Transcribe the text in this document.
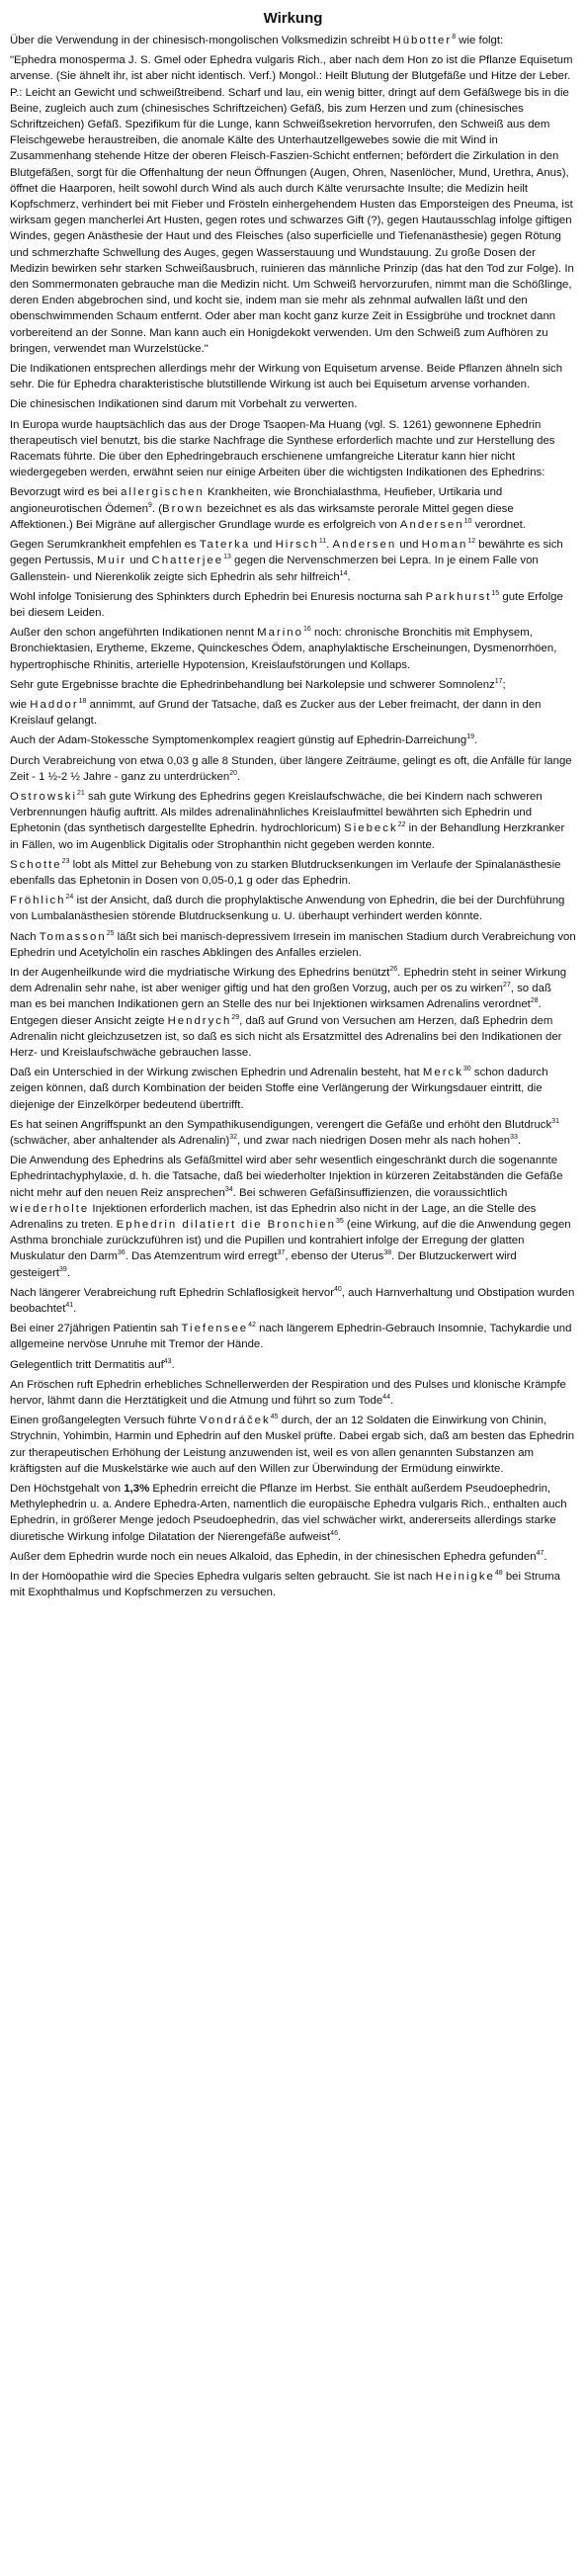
Wirkung

Über die Verwendung in der chinesisch-mongolischen Volksmedizin schreibt Hübotter$^8$ wie folgt:

"Ephedra monosperma J. S. Gmel oder Ephedra vulgaris Rich., aber nach dem Hon zo ist die Pflanze Equisetum arvense. (Sie ähnelt ihr, ist aber nicht identisch. Verf.) Mongol.: Heilt Blutung der Blutgefäße und Hitze der Leber. P.: Leicht an Gewicht und schweißtreibend. Scharf und lau, ein wenig bitter, dringt auf dem Gefäßwege bis in die Beine, zugleich auch zum (chinesisches Schriftzeichen) Gefäß, bis zum Herzen und zum (chinesisches Schriftzeichen) Gefäß. Spezifikum für die Lunge, kann Schweißsekretion hervorrufen, den Schweiß aus dem Fleischgewebe heraustreiben, die anomale Kälte des Unterhautzellgewebes sowie die mit Wind in Zusammenhang stehende Hitze der oberen Fleisch-Faszien-Schicht entfernen; befördert die Zirkulation in den Blutgefäßen, sorgt für die Offenhaltung der neun Öffnungen (Augen, Ohren, Nasenlöcher, Mund, Urethra, Anus), öffnet die Haarporen, heilt sowohl durch Wind als auch durch Kälte verursachte Insulte; die Medizin heilt Kopfschmerz, verhindert bei mit Fieber und Frösteln einhergehendem Husten das Emporsteigen des Pneuma, ist wirksam gegen mancherlei Art Husten, gegen rotes und schwarzes Gift (?), gegen Hautausschlag infolge giftigen Windes, gegen Anästhesie der Haut und des Fleisches (also superficielle und Tiefenanästhesie) gegen Rötung und schmerzhafte Schwellung des Auges, gegen Wasserstauung und Wundstauung. Zu große Dosen der Medizin bewirken sehr starken Schweißausbruch, ruinieren das männliche Prinzip (das hat den Tod zur Folge). In den Sommermonaten gebrauche man die Medizin nicht. Um Schweiß hervorzurufen, nimmt man die Schößlinge, deren Enden abgebrochen sind, und kocht sie, indem man sie mehr als zehnmal aufwallen läßt und den obenschwimmenden Schaum entfernt. Oder aber man kocht ganz kurze Zeit in Essigbrühe und trocknet dann vorbereitend an der Sonne. Man kann auch ein Honigdekokt verwenden. Um den Schweiß zum Aufhören zu bringen, verwendet man Wurzelstücke."

Die Indikationen entsprechen allerdings mehr der Wirkung von Equisetum arvense. Beide Pflanzen ähneln sich sehr. Die für Ephedra charakteristische blutstillende Wirkung ist auch bei Equisetum arvense vorhanden.

Die chinesischen Indikationen sind darum mit Vorbehalt zu verwerten.

In Europa wurde hauptsächlich das aus der Droge Tsaopen-Ma Huang (vgl. S. 1261) gewonnene Ephedrin therapeutisch viel benutzt, bis die starke Nachfrage die Synthese erforderlich machte und zur Herstellung des Racemats führte. Die über den Ephedringebrauch erschienene umfangreiche Literatur kann hier nicht wiedergegeben werden, erwähnt seien nur einige Arbeiten über die wichtigsten Indikationen des Ephedrins:

Bevorzugt wird es bei allergischen Krankheiten, wie Bronchialasthma, Heufieber, Urtikaria und angioneurotischen Ödemen$^9$. (Brown bezeichnet es als das wirksamste perorale Mittel gegen diese Affektionen.) Bei Migräne auf allergischer Grundlage wurde es erfolgreich von Andersen$^{10}$ verordnet.

Gegen Serumkrankheit empfehlen es Taterka und Hirsch$^{11}$. Andersen und Homan$^{12}$ bewährte es sich gegen Pertussis, Muir und Chatterjee$^{13}$ gegen die Nervenschmerzen bei Lepra. In je einem Falle von Gallenstein- und Nierenkolik zeigte sich Ephedrin als sehr hilfreich$^{14}$.

Wohl infolge Tonisierung des Sphinkters durch Ephedrin bei Enuresis nocturna sah Parkhurst$^{15}$ gute Erfolge bei diesem Leiden.

Außer den schon angeführten Indikationen nennt Marino$^{16}$ noch: chronische Bronchitis mit Emphysem, Bronchiektasien, Erytheme, Ekzeme, Quinckesches Ödem, anaphylaktische Erscheinungen, Dysmenorrhöen, hypertrophische Rhinitis, arterielle Hypotension, Kreislaufstörungen und Kollaps.

Sehr gute Ergebnisse brachte die Ephedrinbehandlung bei Narkolepsie und schwerer Somnolenz$^{17}$;

wie Haddor$^{18}$ annimmt, auf Grund der Tatsache, daß es Zucker aus der Leber freimacht, der dann in den Kreislauf gelangt.

Auch der Adam-Stokessche Symptomenkomplex reagiert günstig auf Ephedrin-Darreichung$^{19}$.

Durch Verabreichung von etwa 0,03 g alle 8 Stunden, über längere Zeiträume, gelingt es oft, die Anfälle für lange Zeit - 1 ½-2 ½ Jahre - ganz zu unterdrücken$^{20}$.

Ostrowski$^{21}$ sah gute Wirkung des Ephedrins gegen Kreislaufschwäche, die bei Kindern nach schweren Verbrennungen häufig auftritt. Als mildes adrenalinähnliches Kreislaufmittel bewährten sich Ephedrin und Ephetonin (das synthetisch dargestellte Ephedrin. hydrochloricum) Siebeck$^{22}$ in der Behandlung Herzkranker in Fällen, wo im Augenblick Digitalis oder Strophanthin nicht gegeben werden konnte.

Schotte$^{23}$ lobt als Mittel zur Behebung von zu starken Blutdrucksenkungen im Verlaufe der Spinalanästhesie ebenfalls das Ephetonin in Dosen von 0,05-0,1 g oder das Ephedrin.

Fröhlich$^{24}$ ist der Ansicht, daß durch die prophylaktische Anwendung von Ephedrin, die bei der Durchführung von Lumbalanästhesien störende Blutdrucksenkung u. U. überhaupt verhindert werden könnte.

Nach Tomasson$^{25}$ läßt sich bei manisch-depressivem Irresein im manischen Stadium durch Verabreichung von Ephedrin und Acetylcholin ein rasches Abklingen des Anfalles erzielen.

In der Augenheilkunde wird die mydriatische Wirkung des Ephedrins benützt$^{26}$. Ephedrin steht in seiner Wirkung dem Adrenalin sehr nahe, ist aber weniger giftig und hat den großen Vorzug, auch per os zu wirken$^{27}$, so daß man es bei manchen Indikationen gern an Stelle des nur bei Injektionen wirksamen Adrenalins verordnet$^{28}$. Entgegen dieser Ansicht zeigte Hendrych$^{29}$, daß auf Grund von Versuchen am Herzen, daß Ephedrin dem Adrenalin nicht gleichzusetzen ist, so daß es sich nicht als Ersatzmittel des Adrenalins bei den Indikationen der Herz- und Kreislaufschwäche gebrauchen lasse.

Daß ein Unterschied in der Wirkung zwischen Ephedrin und Adrenalin besteht, hat Merck$^{30}$ schon dadurch zeigen können, daß durch Kombination der beiden Stoffe eine Verlängerung der Wirkungsdauer eintritt, die diejenige der Einzelkörper bedeutend übertrifft.

Es hat seinen Angriffspunkt an den Sympathikusendigungen, verengert die Gefäße und erhöht den Blutdruck$^{31}$ (schwächer, aber anhaltender als Adrenalin)$^{32}$, und zwar nach niedrigen Dosen mehr als nach hohen$^{33}$.

Die Anwendung des Ephedrins als Gefäßmittel wird aber sehr wesentlich eingeschränkt durch die sogenannte Ephedrintachyphylaxie, d. h. die Tatsache, daß bei wiederholter Injektion in kürzeren Zeitabständen die Gefäße nicht mehr auf den neuen Reiz ansprechen$^{34}$. Bei schweren Gefäßinsuffizienzen, die voraussichtlich wiederholte Injektionen erforderlich machen, ist das Ephedrin also nicht in der Lage, an die Stelle des Adrenalins zu treten. Ephedrin dilatiert die Bronchien$^{35}$ (eine Wirkung, auf die die Anwendung gegen Asthma bronchiale zurückzuführen ist) und die Pupillen und kontrahiert infolge der Erregung der glatten Muskulatur den Darm$^{36}$. Das Atemzentrum wird erregt$^{37}$, ebenso der Uterus$^{38}$. Der Blutzuckerwert wird gesteigert$^{39}$.

Nach längerer Verabreichung ruft Ephedrin Schlaflosigkeit hervor$^{40}$, auch Harnverhaltung und Obstipation wurden beobachtet$^{41}$.

Bei einer 27jährigen Patientin sah Tiefensee$^{42}$ nach längerem Ephedrin-Gebrauch Insomnie, Tachykardie und allgemeine nervöse Unruhe mit Tremor der Hände.

Gelegentlich tritt Dermatitis auf$^{43}$.

An Fröschen ruft Ephedrin erhebliches Schnellerwerden der Respiration und des Pulses und klonische Krämpfe hervor, lähmt dann die Herztätigkeit und die Atmung und führt so zum Tode$^{44}$.

Einen großangelegten Versuch führte Vondráček$^{45}$ durch, der an 12 Soldaten die Einwirkung von Chinin, Strychnin, Yohimbin, Harmin und Ephedrin auf den Muskel prüfte. Dabei ergab sich, daß am besten das Ephedrin zur therapeutischen Erhöhung der Leistung anzuwenden ist, weil es von allen genannten Substanzen am kräftigsten auf die Muskelstärke wie auch auf den Willen zur Überwindung der Ermüdung einwirkte.

Den Höchstgehalt von 1,3% Ephedrin erreicht die Pflanze im Herbst. Sie enthält außerdem Pseudoephedrin, Methylephedrin u. a. Andere Ephedra-Arten, namentlich die europäische Ephedra vulgaris Rich., enthalten auch Ephedrin, in größerer Menge jedoch Pseudoephedrin, das viel schwächer wirkt, andererseits allerdings starke diuretische Wirkung infolge Dilatation der Nierengefäße aufweist$^{46}$.

Außer dem Ephedrin wurde noch ein neues Alkaloid, das Ephedin, in der chinesischen Ephedra gefunden$^{47}$.

In der Homöopathie wird die Species Ephedra vulgaris selten gebraucht. Sie ist nach Heinigke$^{48}$ bei Struma mit Exophthalmus und Kopfschmerzen zu versuchen.
